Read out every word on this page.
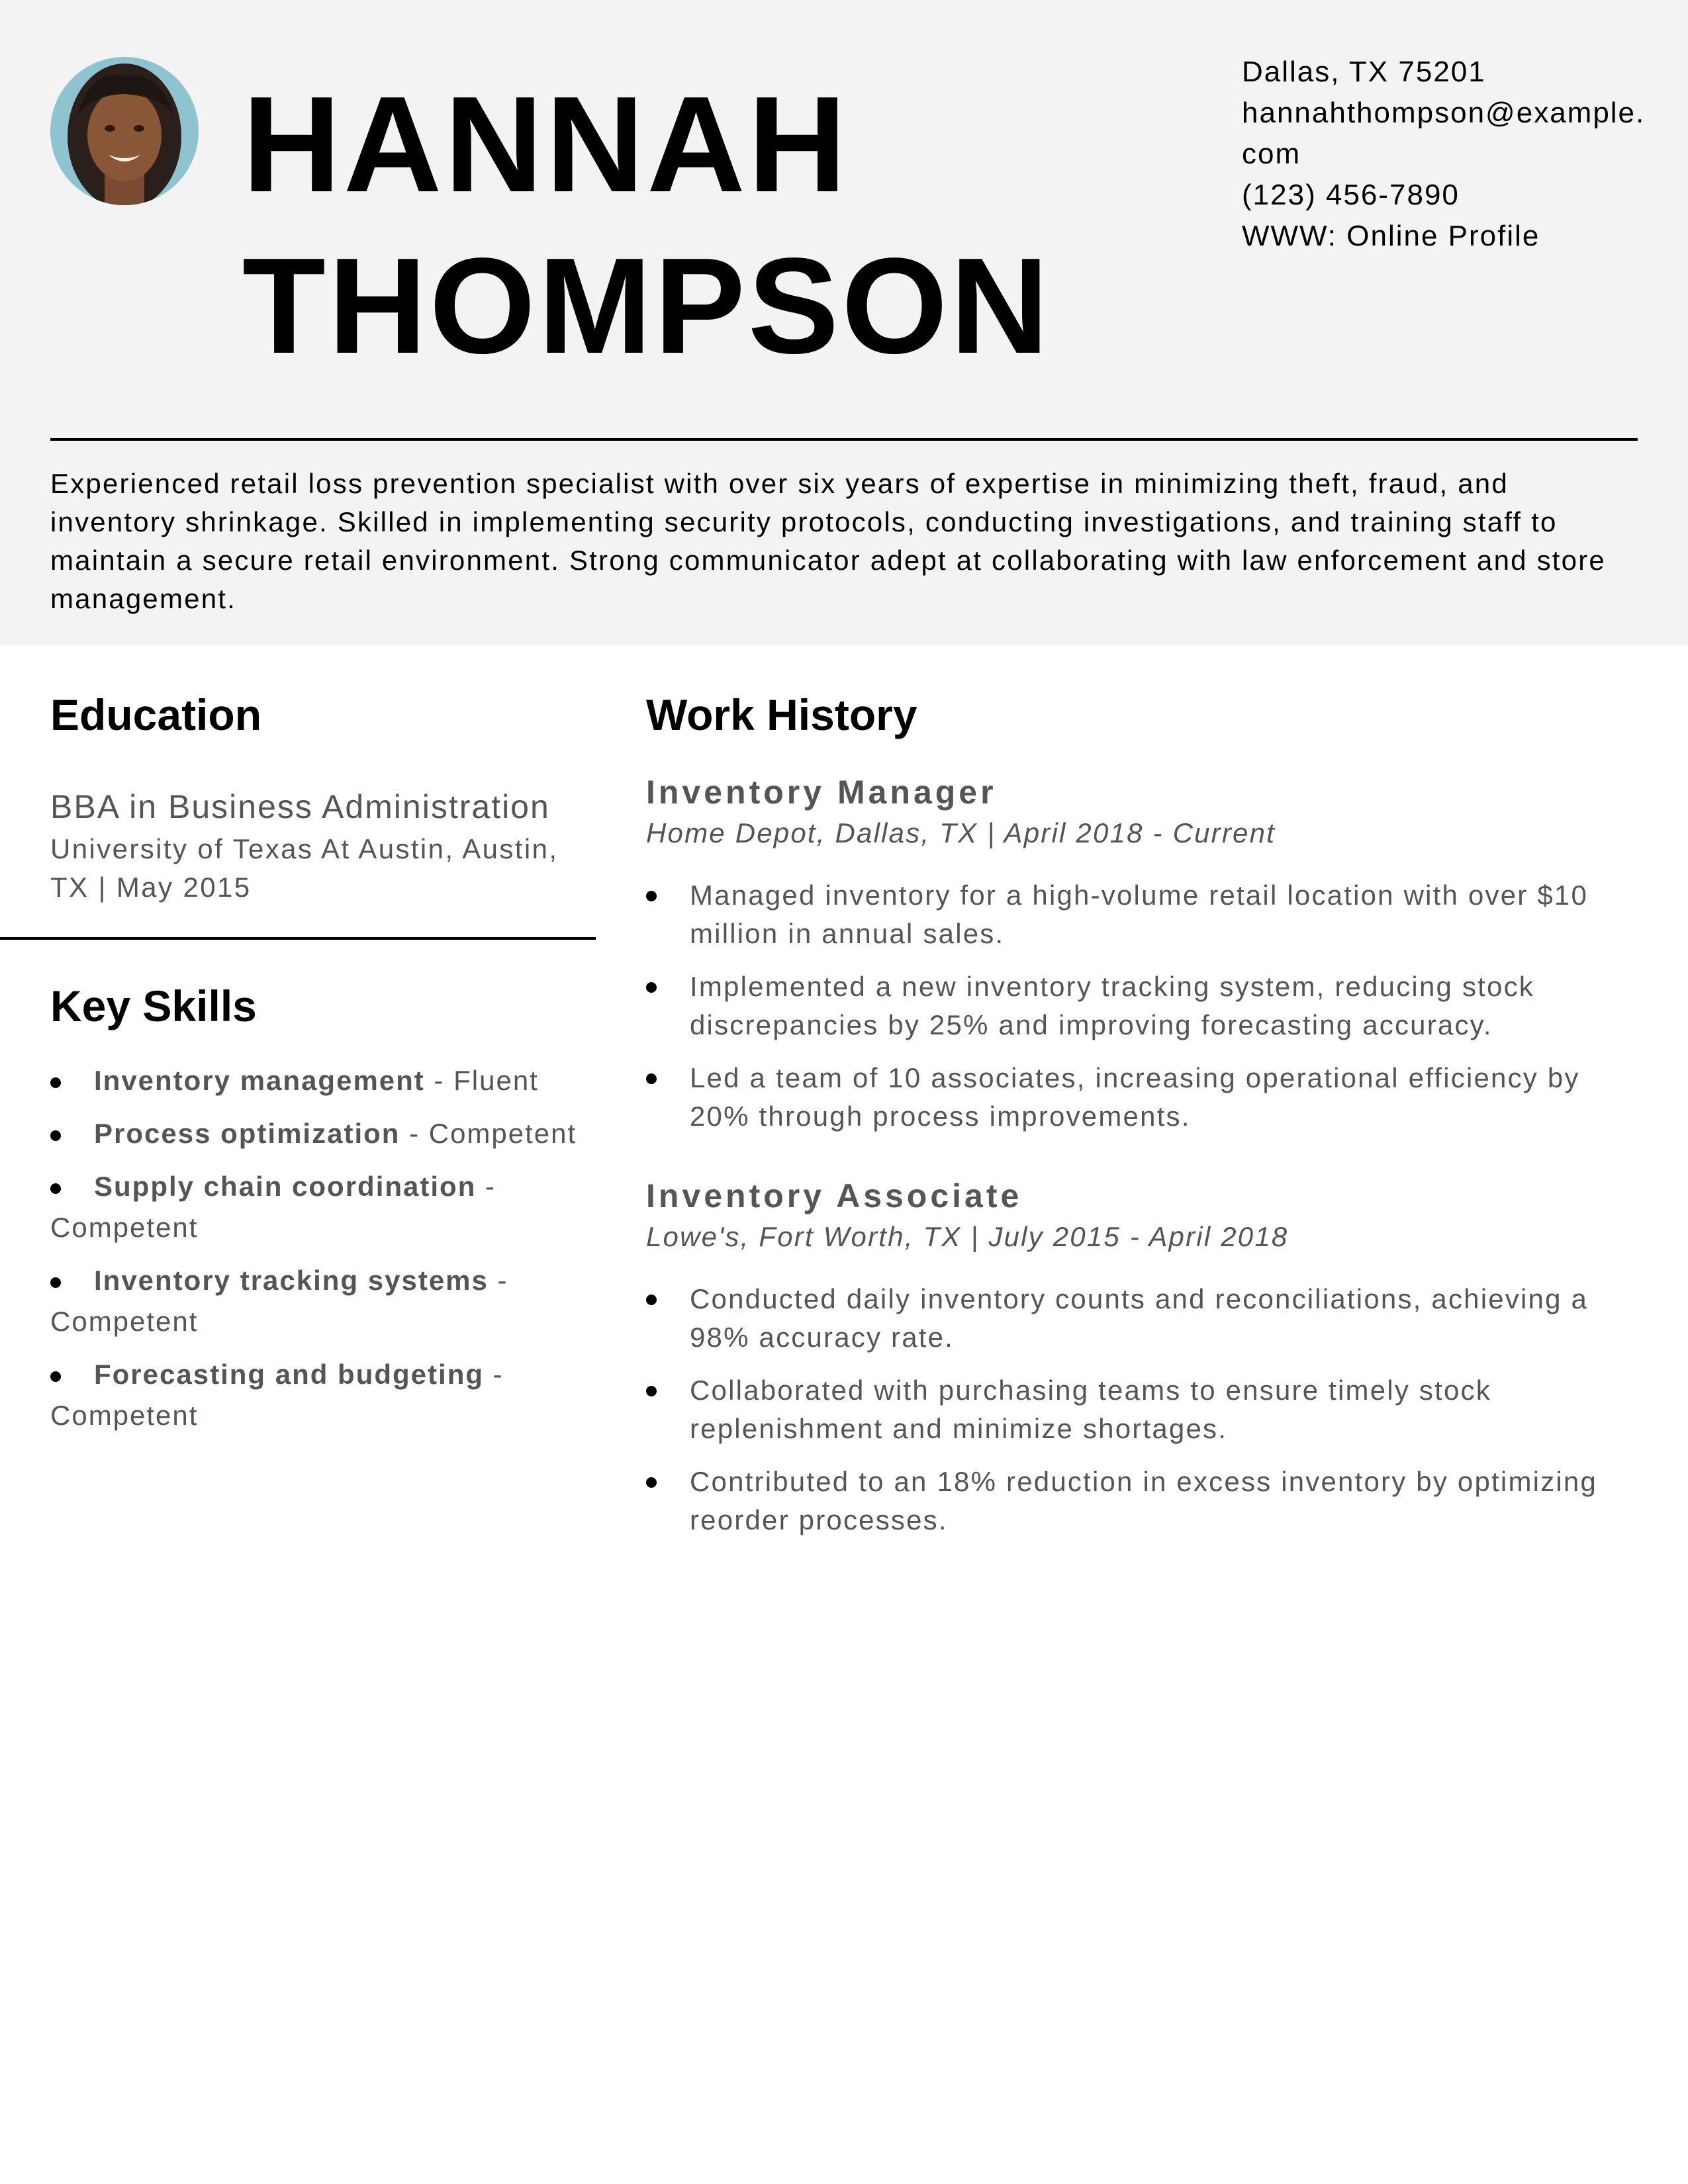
HANNAH
THOMPSON
Dallas, TX 75201
hannahthompson@example.com
(123) 456-7890
WWW: Online Profile

Experienced retail loss prevention specialist with over six years of expertise in minimizing theft, fraud, and inventory shrinkage. Skilled in implementing security protocols, conducting investigations, and training staff to maintain a secure retail environment. Strong communicator adept at collaborating with law enforcement and store management.

Education
BBA in Business Administration
University of Texas At Austin, Austin, TX | May 2015
Key Skills
Inventory management - Fluent
Process optimization - Competent
Supply chain coordination - Competent
Inventory tracking systems - Competent
Forecasting and budgeting - Competent
Work History
Inventory Manager
Home Depot, Dallas, TX | April 2018 - Current
Managed inventory for a high-volume retail location with over $10 million in annual sales.
Implemented a new inventory tracking system, reducing stock discrepancies by 25% and improving forecasting accuracy.
Led a team of 10 associates, increasing operational efficiency by 20% through process improvements.
Inventory Associate
Lowe's, Fort Worth, TX | July 2015 - April 2018
Conducted daily inventory counts and reconciliations, achieving a 98% accuracy rate.
Collaborated with purchasing teams to ensure timely stock replenishment and minimize shortages.
Contributed to an 18% reduction in excess inventory by optimizing reorder processes.
